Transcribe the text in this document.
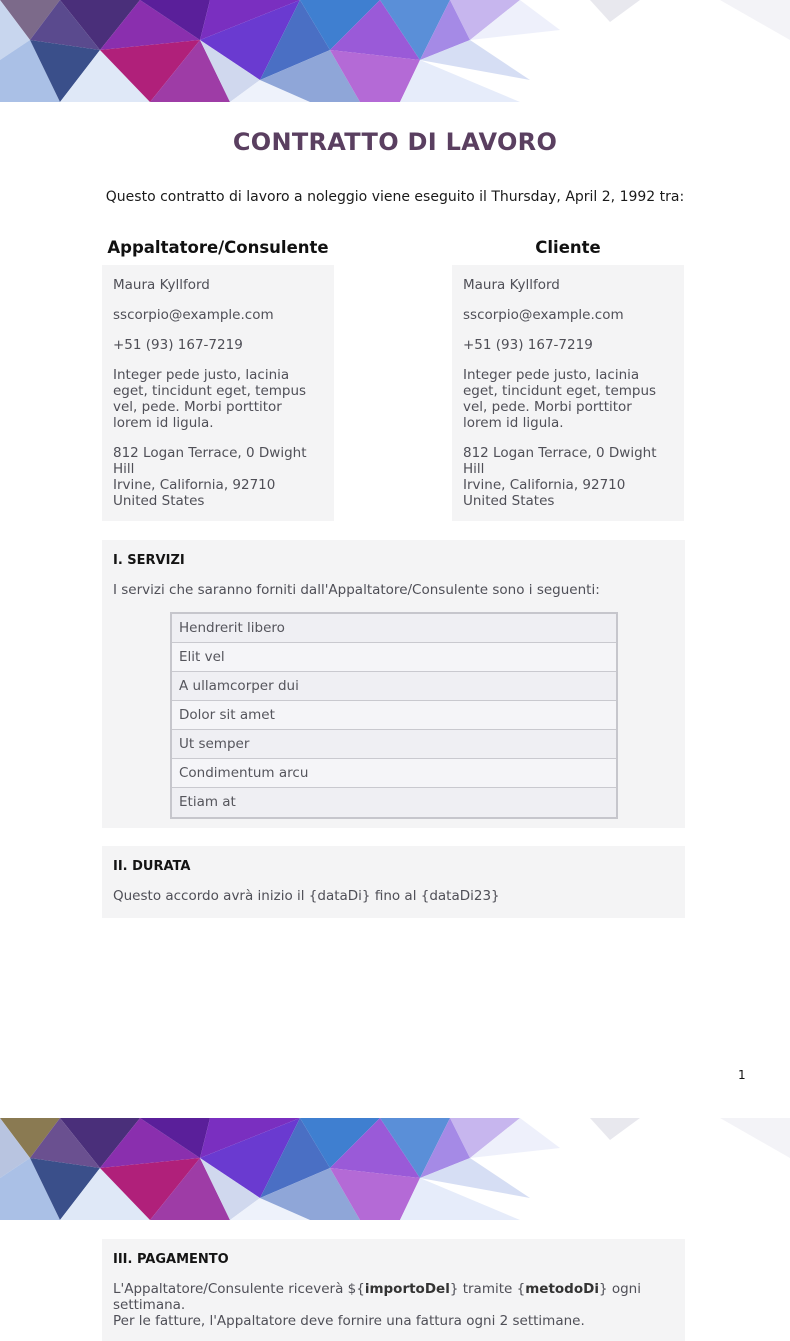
CONTRATTO DI LAVORO
Questo contratto di lavoro a noleggio viene eseguito il Thursday, April 2, 1992 tra:
Appaltatore/Consulente	Cliente
Maura Kyllford
sscorpio@example.com
+51 (93) 167-7219
Integer pede justo, lacinia eget, tincidunt eget, tempus vel, pede. Morbi porttitor lorem id ligula.
812 Logan Terrace, 0 Dwight Hill
Irvine, California, 92710
United States
Maura Kyllford
sscorpio@example.com
+51 (93) 167-7219
Integer pede justo, lacinia eget, tincidunt eget, tempus vel, pede. Morbi porttitor lorem id ligula.
812 Logan Terrace, 0 Dwight Hill
Irvine, California, 92710
United States
I. SERVIZI
I servizi che saranno forniti dall'Appaltatore/Consulente sono i seguenti:
Hendrerit libero
Elit vel
A ullamcorper dui
Dolor sit amet
Ut semper
Condimentum arcu
Etiam at
II. DURATA
Questo accordo avrà inizio il {dataDi} fino al {dataDi23}
1
III. PAGAMENTO
L'Appaltatore/Consulente riceverà ${importoDel} tramite {metodoDi} ogni settimana.
Per le fatture, l'Appaltatore deve fornire una fattura ogni 2 settimane.
